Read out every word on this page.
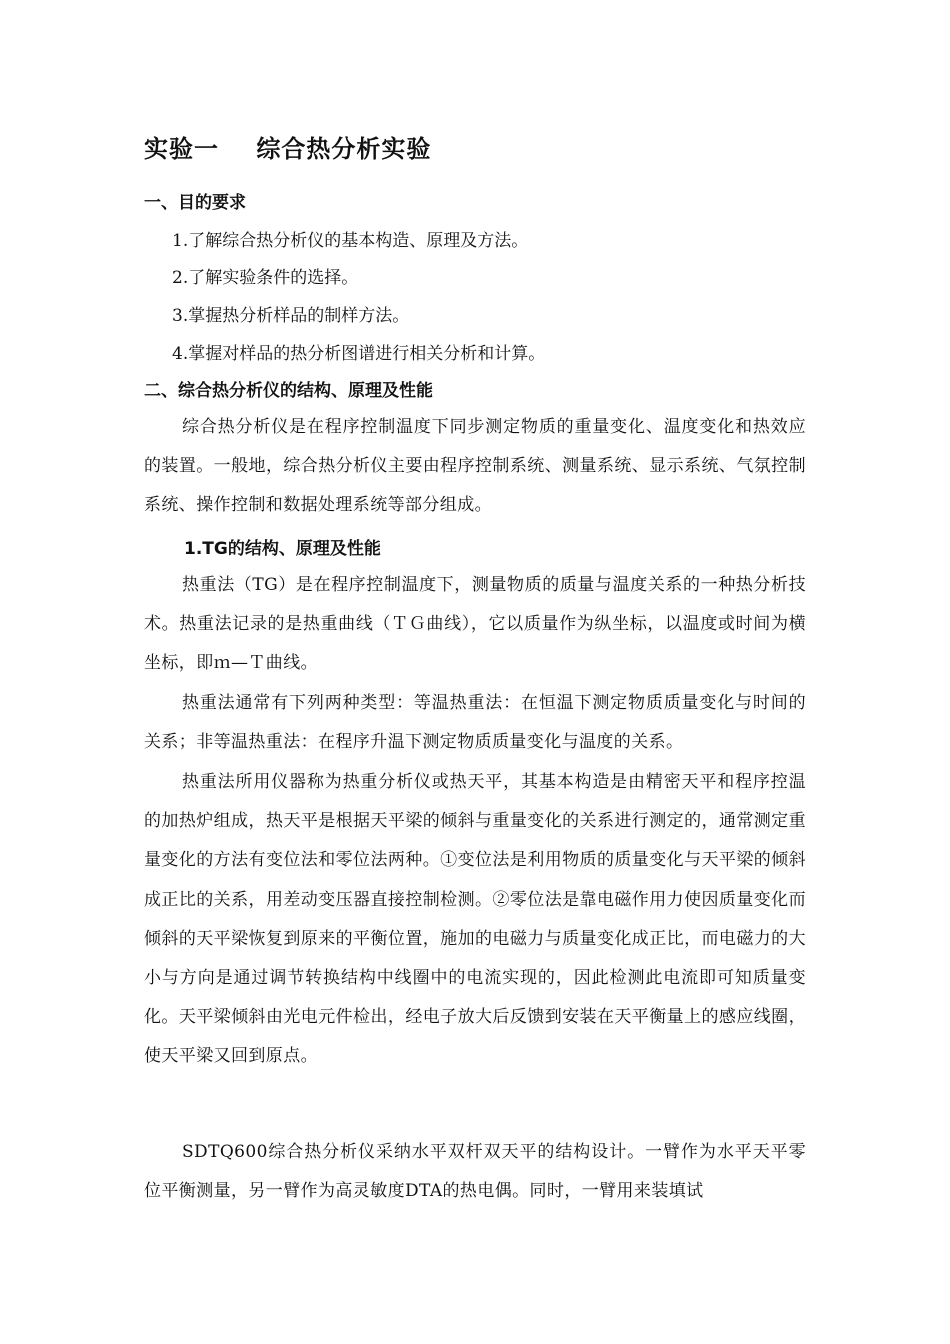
实验一    综合热分析实验
一、目的要求
1.了解综合热分析仪的基本构造、原理及方法。
2.了解实验条件的选择。
3.掌握热分析样品的制样方法。
4.掌握对样品的热分析图谱进行相关分析和计算。
二、综合热分析仪的结构、原理及性能
综合热分析仪是在程序控制温度下同步测定物质的重量变化、温度变化和热效应的装置。一般地，综合热分析仪主要由程序控制系统、测量系统、显示系统、气氛控制系统、操作控制和数据处理系统等部分组成。
1.TG的结构、原理及性能
热重法（TG）是在程序控制温度下，测量物质的质量与温度关系的一种热分析技术。热重法记录的是热重曲线（ＴＧ曲线），它以质量作为纵坐标，以温度或时间为横坐标，即ｍ—Ｔ曲线。
热重法通常有下列两种类型：等温热重法：在恒温下测定物质质量变化与时间的关系；非等温热重法：在程序升温下测定物质质量变化与温度的关系。
热重法所用仪器称为热重分析仪或热天平，其基本构造是由精密天平和程序控温的加热炉组成，热天平是根据天平梁的倾斜与重量变化的关系进行测定的，通常测定重量变化的方法有变位法和零位法两种。①变位法是利用物质的质量变化与天平梁的倾斜成正比的关系，用差动变压器直接控制检测。②零位法是靠电磁作用力使因质量变化而倾斜的天平梁恢复到原来的平衡位置，施加的电磁力与质量变化成正比，而电磁力的大小与方向是通过调节转换结构中线圈中的电流实现的，因此检测此电流即可知质量变化。天平梁倾斜由光电元件检出，经电子放大后反馈到安装在天平衡量上的感应线圈，使天平梁又回到原点。
SDTQ600综合热分析仪采纳水平双杆双天平的结构设计。一臂作为水平天平零位平衡测量，另一臂作为高灵敏度DTA的热电偶。同时，一臂用来装填试
